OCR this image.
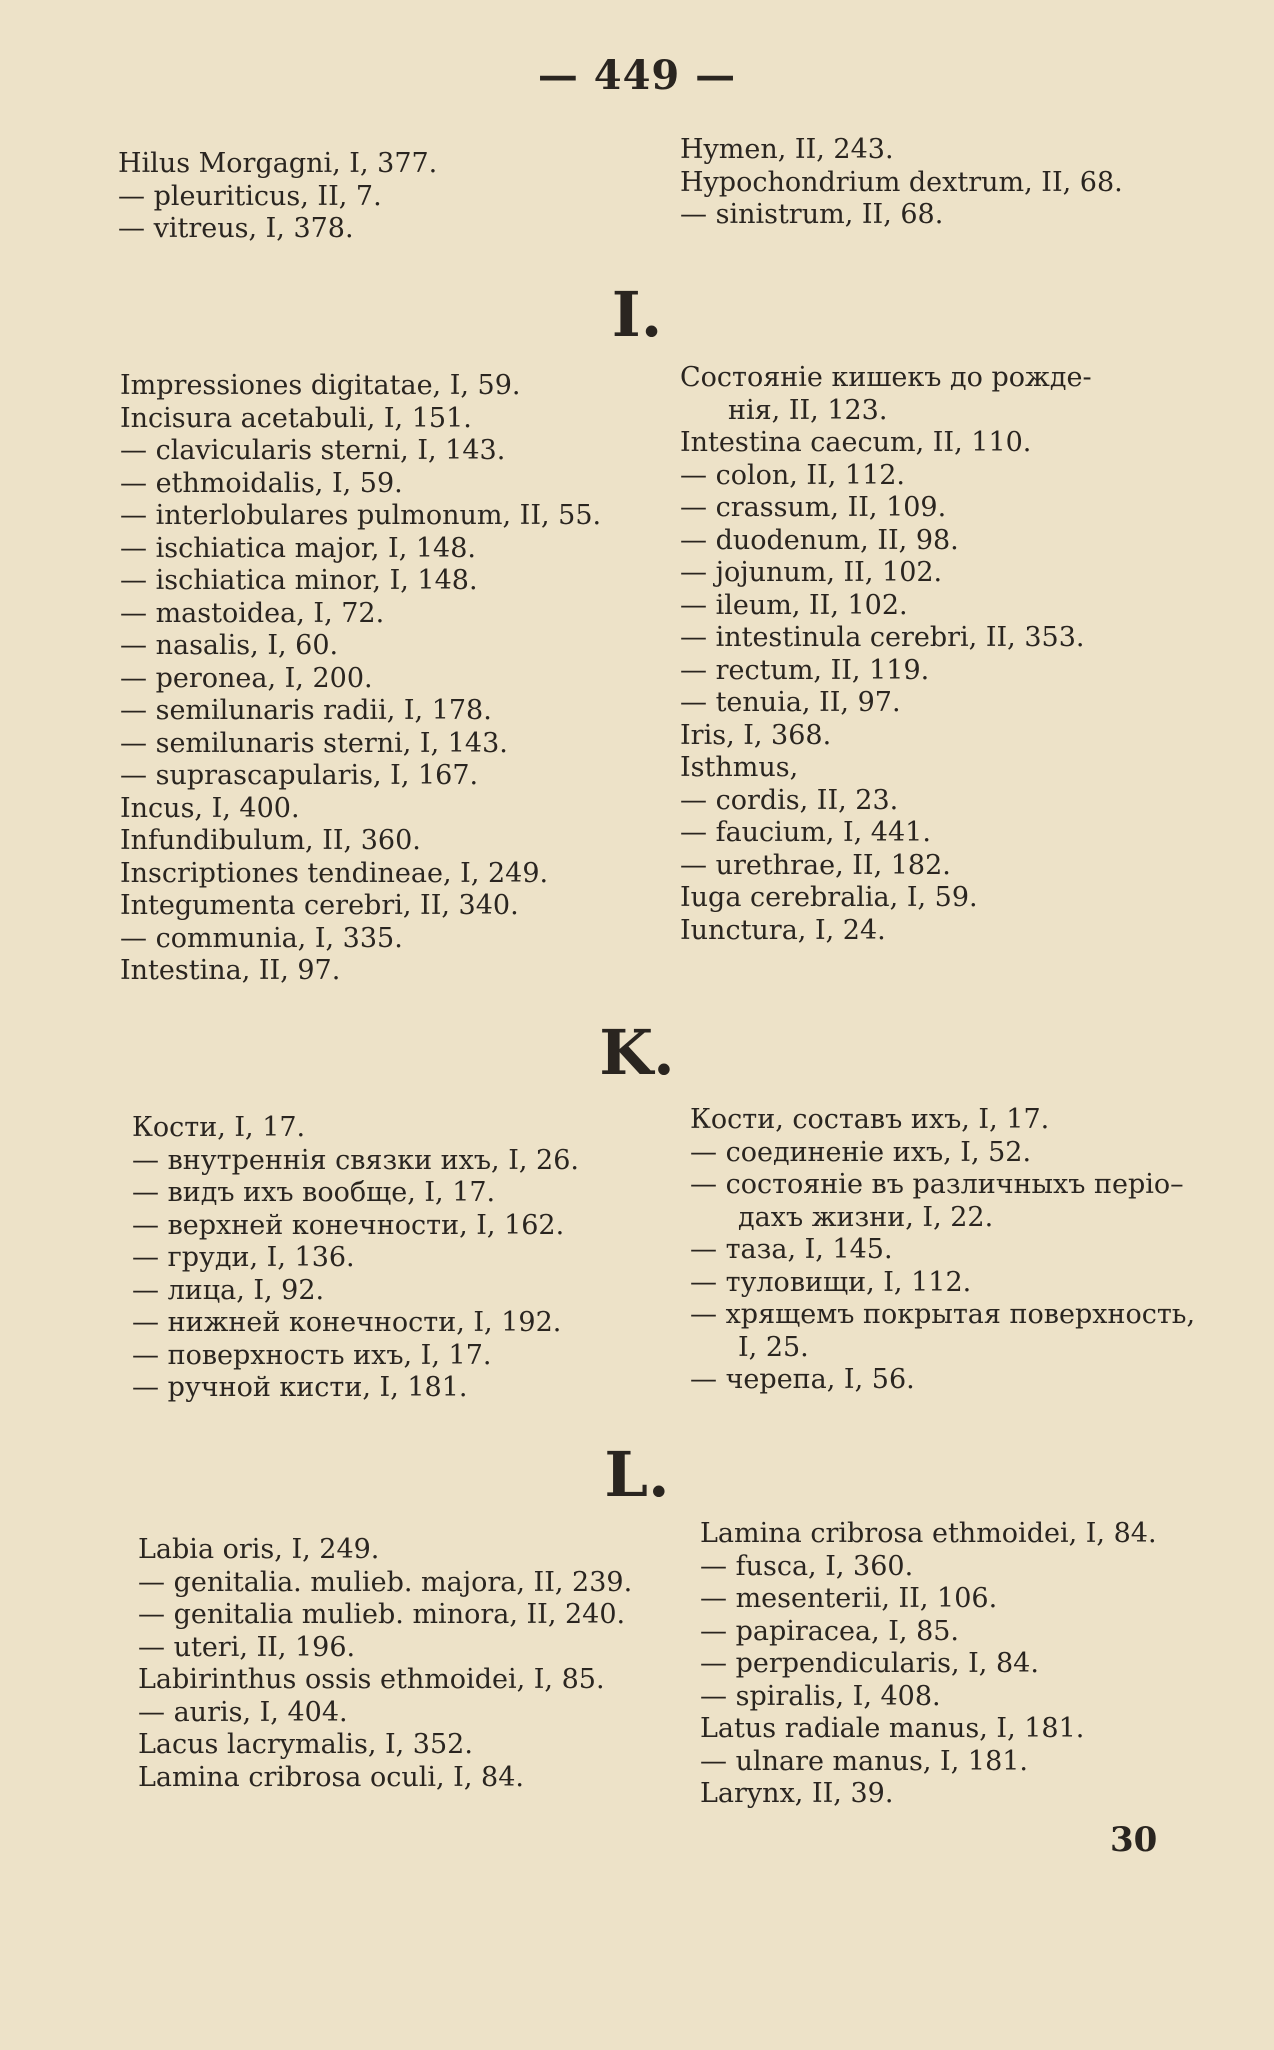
— 449 —
Hilus Morgagni, I, 377.
— pleuriticus, II, 7.
— vitreus, I, 378.
Hymen, II, 243.
Hypochondrium dextrum, II, 68.
— sinistrum, II, 68.
I.
Impressiones digitatae, I, 59.
Incisura acetabuli, I, 151.
— clavicularis sterni, I, 143.
— ethmoidalis, I, 59.
— interlobulares pulmonum, II, 55.
— ischiatica major, I, 148.
— ischiatica minor, I, 148.
— mastoidea, I, 72.
— nasalis, I, 60.
— peronea, I, 200.
— semilunaris radii, I, 178.
— semilunaris sterni, I, 143.
— suprascapularis, I, 167.
Incus, I, 400.
Infundibulum, II, 360.
Inscriptiones tendineae, I, 249.
Integumenta cerebri, II, 340.
— communia, I, 335.
Intestina, II, 97.
Состоянiе кишекъ до рожде-
нiя, II, 123.
Intestina caecum, II, 110.
— colon, II, 112.
— crassum, II, 109.
— duodenum, II, 98.
— jojunum, II, 102.
— ileum, II, 102.
— intestinula cerebri, II, 353.
— rectum, II, 119.
— tenuia, II, 97.
Iris, I, 368.
Isthmus,
— cordis, II, 23.
— faucium, I, 441.
— urethrae, II, 182.
Iuga cerebralia, I, 59.
Iunctura, I, 24.
K.
Кости, I, 17.
— внутреннiя связки ихъ, I, 26.
— видъ ихъ вообще, I, 17.
— верхней конечности, I, 162.
— груди, I, 136.
— лица, I, 92.
— нижней конечности, I, 192.
— поверхность ихъ, I, 17.
— ручной кисти, I, 181.
Кости, составъ ихъ, I, 17.
— соединенiе ихъ, I, 52.
— состоянiе въ различныхъ перiо–
дахъ жизни, I, 22.
— таза, I, 145.
— туловищи, I, 112.
— хрящемъ покрытая поверхность,
I, 25.
— черепа, I, 56.
L.
Labia oris, I, 249.
— genitalia. mulieb. majora, II, 239.
— genitalia mulieb. minora, II, 240.
— uteri, II, 196.
Labirinthus ossis ethmoidei, I, 85.
— auris, I, 404.
Lacus lacrymalis, I, 352.
Lamina cribrosa oculi, I, 84.
Lamina cribrosa ethmoidei, I, 84.
— fusca, I, 360.
— mesenterii, II, 106.
— papiracea, I, 85.
— perpendicularis, I, 84.
— spiralis, I, 408.
Latus radiale manus, I, 181.
— ulnare manus, I, 181.
Larynx, II, 39.
30
